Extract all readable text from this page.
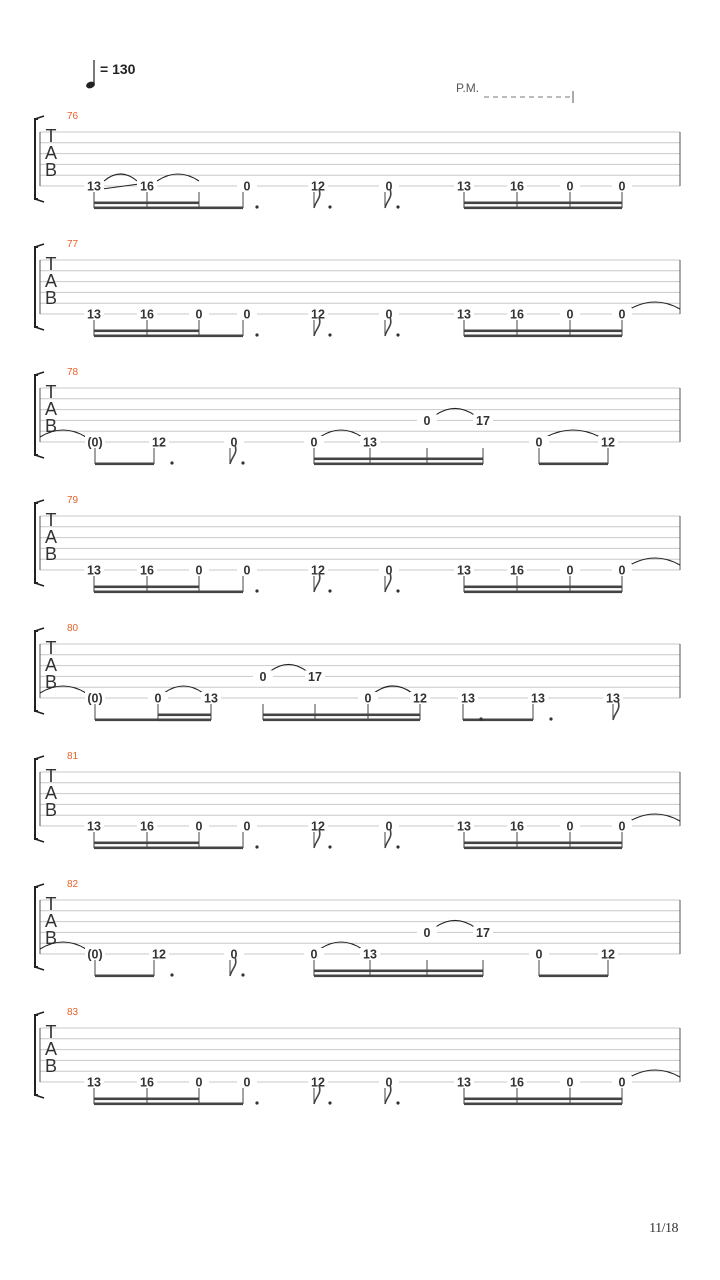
= 130
P.M.
T
A
B
76
13	16	0	12	0	13	16	0	0
T
A
B
77
13	16	0	0	12	0	13	16	0	0
T
A
B
78
(0)	12	0	0	13
0	17
0	12
T
A
B
79
13	16	0	0	12	0	13	16	0	0
T
A
B
80
(0)	0	13
0	17
0	12	13	13	13
T
A
B
81
13	16	0	0	12	0	13	16	0	0
T
A
B
82
(0)	12	0	0	13
0	17
0	12
T
A
B
83
13	16	0	0	12	0	13	16	0	0
11/18
